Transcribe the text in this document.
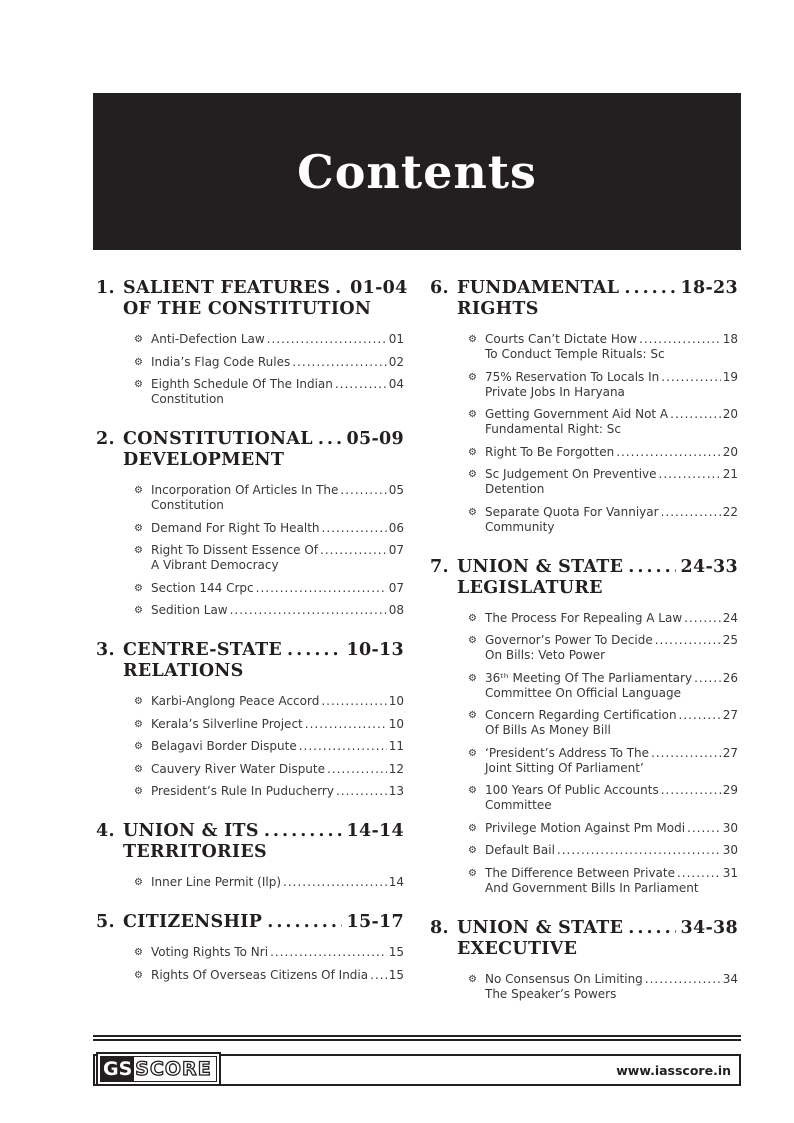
Contents
1. SALIENT FEATURES ..... 01-04
OF THE CONSTITUTION
⚙ Anti-Defection Law .....	01
⚙ India’s Flag Code Rules .....	02
⚙ Eighth Schedule Of The Indian .....	04
Constitution
2. CONSTITUTIONAL ..... 05-09
DEVELOPMENT
⚙ Incorporation Of Articles In The .....	05
Constitution
⚙ Demand For Right To Health .....	06
⚙ Right To Dissent Essence Of .....	07
A Vibrant Democracy
⚙ Section 144 Crpc .....	07
⚙ Sedition Law .....	08
3. CENTRE-STATE .....	10-13
RELATIONS
⚙ Karbi-Anglong Peace Accord .....	10
⚙ Kerala’s Silverline Project .....	10
⚙ Belagavi Border Dispute .....	11
⚙ Cauvery River Water Dispute .....	12
⚙ President’s Rule In Puducherry .....	13
4. UNION & ITS .....	14-14
TERRITORIES
⚙ Inner Line Permit (Ilp) .....	14
5. CITIZENSHIP .....	15-17
⚙ Voting Rights To Nri .....	15
⚙ Rights Of Overseas Citizens Of India ..... 15
6. FUNDAMENTAL .....	18-23
RIGHTS
⚙ Courts Can’t Dictate How .....	18
To Conduct Temple Rituals: Sc
⚙ 75% Reservation To Locals In .....	19
Private Jobs In Haryana
⚙ Getting Government Aid Not A .....	20
Fundamental Right: Sc
⚙ Right To Be Forgotten .....	20
⚙ Sc Judgement On Preventive .....	21
Detention
⚙ Separate Quota For Vanniyar .....	22
Community
7. UNION & STATE .....	24-33
LEGISLATURE
⚙ The Process For Repealing A Law .....	24
⚙ Governor’s Power To Decide .....	25
On Bills: Veto Power
⚙ 36ᵗʰ Meeting Of The Parliamentary .....	26
Committee On Official Language
⚙ Concern Regarding Certification .....	27
Of Bills As Money Bill
⚙ ‘President’s Address To The .....	27
Joint Sitting Of Parliament’
⚙ 100 Years Of Public Accounts .....	29
Committee
⚙ Privilege Motion Against Pm Modi .....	30
⚙ Default Bail .....	30
⚙ The Difference Between Private .....	31
And Government Bills In Parliament
8. UNION & STATE .....	34-38
EXECUTIVE
⚙ No Consensus On Limiting .....	34
The Speaker’s Powers
GS SCORE	www.iasscore.in
